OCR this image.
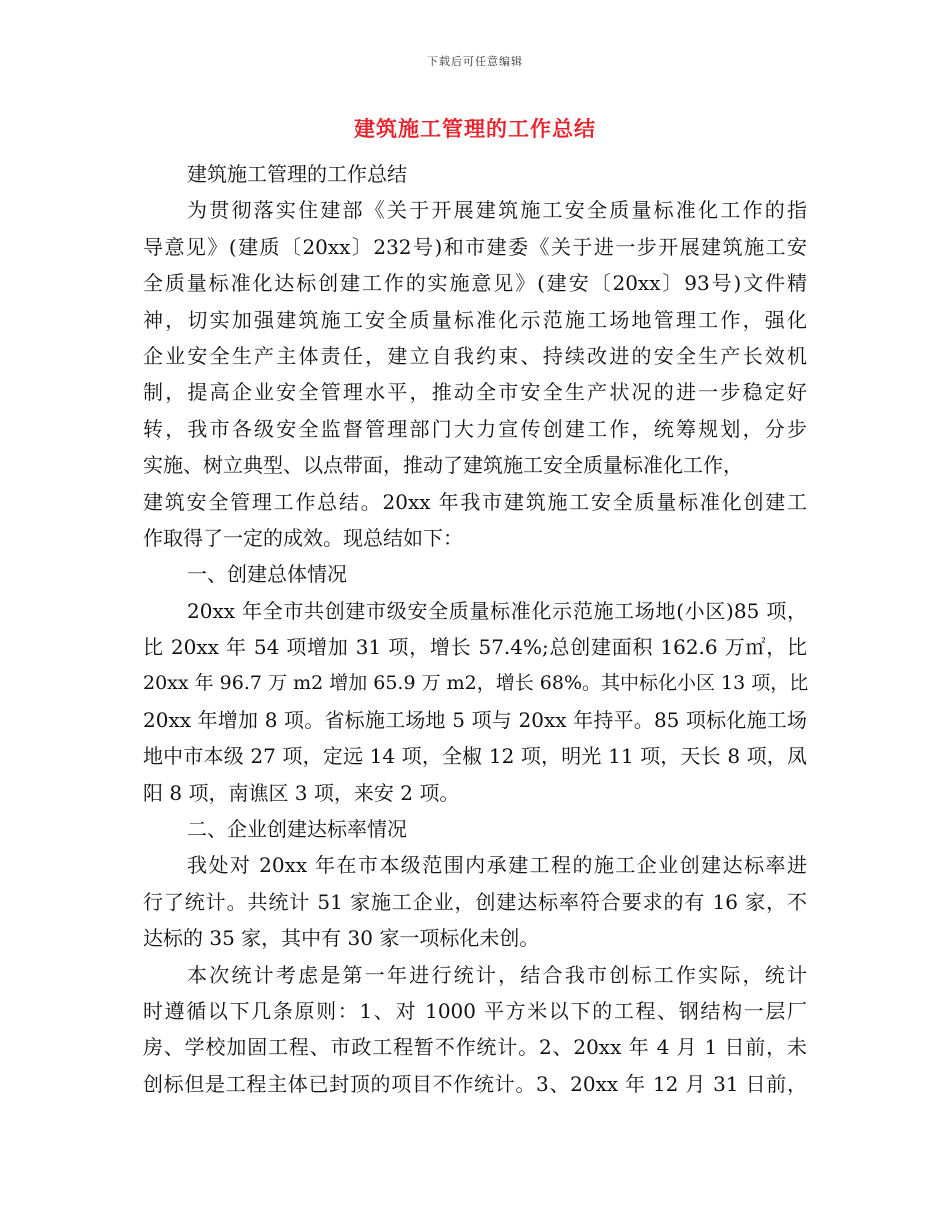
下载后可任意编辑
建筑施工管理的工作总结
建筑施工管理的工作总结
为贯彻落实住建部《关于开展建筑施工安全质量标准化工作的指
导意见》(建质〔20xx〕232号)和市建委《关于进一步开展建筑施工安
全质量标准化达标创建工作的实施意见》(建安〔20xx〕93号)文件精
神，切实加强建筑施工安全质量标准化示范施工场地管理工作，强化
企业安全生产主体责任，建立自我约束、持续改进的安全生产长效机
制，提高企业安全管理水平，推动全市安全生产状况的进一步稳定好
转，我市各级安全监督管理部门大力宣传创建工作，统筹规划，分步
实施、树立典型、以点带面，推动了建筑施工安全质量标准化工作，
建筑安全管理工作总结。20xx 年我市建筑施工安全质量标准化创建工
作取得了一定的成效。现总结如下：
一、创建总体情况
20xx 年全市共创建市级安全质量标准化示范施工场地(小区)85 项，
比 20xx 年 54 项增加 31 项，增长 57.4%;总创建面积 162.6 万㎡，比
20xx 年 96.7 万 m2 增加 65.9 万 m2，增长 68%。其中标化小区 13 项，比
20xx 年增加 8 项。省标施工场地 5 项与 20xx 年持平。85 项标化施工场
地中市本级 27 项，定远 14 项，全椒 12 项，明光 11 项，天长 8 项，凤
阳 8 项，南谯区 3 项，来安 2 项。
二、企业创建达标率情况
我处对 20xx 年在市本级范围内承建工程的施工企业创建达标率进
行了统计。共统计 51 家施工企业，创建达标率符合要求的有 16 家，不
达标的 35 家，其中有 30 家一项标化未创。
本次统计考虑是第一年进行统计，结合我市创标工作实际，统计
时遵循以下几条原则：1、对 1000 平方米以下的工程、钢结构一层厂
房、学校加固工程、市政工程暂不作统计。2、20xx 年 4 月 1 日前，未
创标但是工程主体已封顶的项目不作统计。3、20xx 年 12 月 31 日前，
